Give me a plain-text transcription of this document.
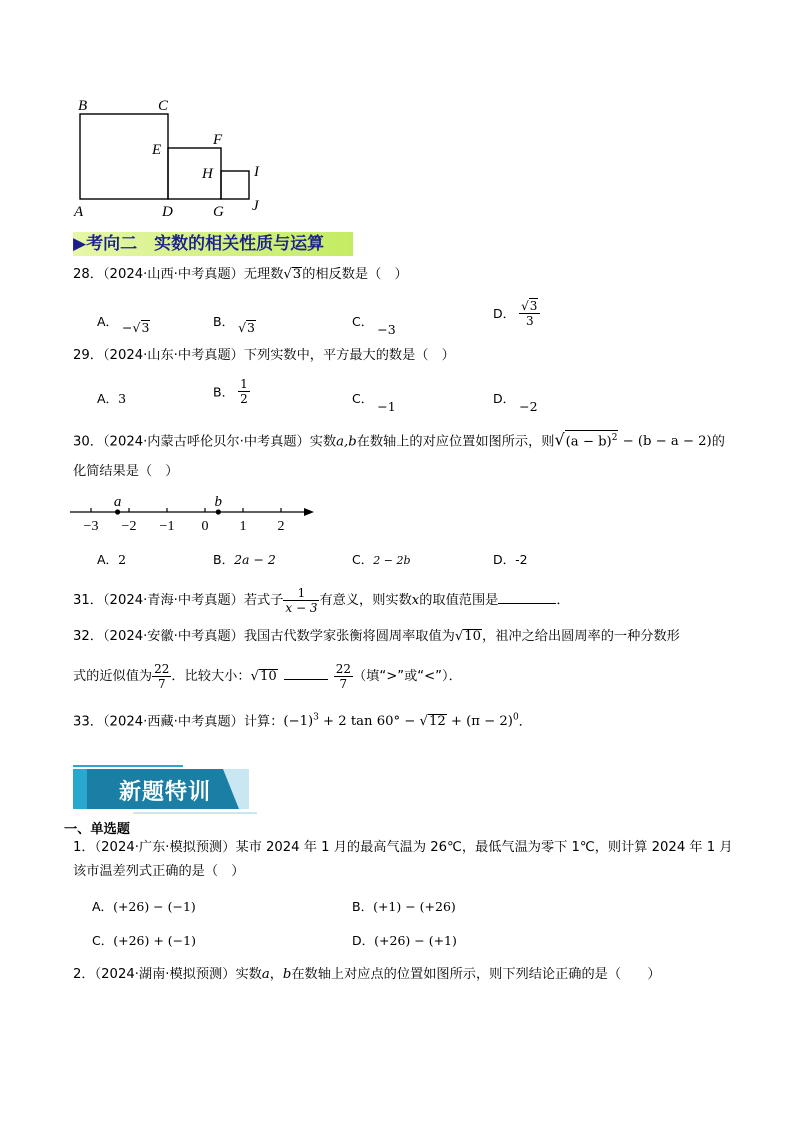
B	C
E
F
H	I
A	D	G J
▶考向二　实数的相关性质与运算
28．（2024·山西·中考真题）无理数√3的相反数是（　）
A． −√3	B． √3	C． −3
D． $\frac{√3}{3}$
29．（2024·山东·中考真题）下列实数中，平方最大的数是（　）
A．3	B． $\frac{1}{2}$	C． −1
D． −2
30．（2024·内蒙古呼伦贝尔·中考真题）实数a,b在数轴上的对应位置如图所示，则$√(a - b)^2 - (b - a - 2)$的
化简结果是（　）
−3 −2 −1 0 1 2
a	b
A．2	B．2a − 2	C．2 − 2b	D．-2
31．（2024·青海·中考真题）若式子 $\frac{1}{x - 3}$ 有意义，则实数x的取值范围是	．
32．（2024·安徽·中考真题）我国古代数学家张衡将圆周率取值为√10，祖冲之给出圆周率的一种分数形
式的近似值为 $\frac{22}{7}$ ．比较大小：√10	$\frac{22}{7}$ （填“>”或“<”）．
33．（2024·西藏·中考真题）计算：$(-1)^3 + 2$ $\tan 60^\circ - √12 + (\pi - 2)^0$．
新题特训
一、单选题
1．（2024·广东·模拟预测）某市 2024 年 1 月的最高气温为 26℃，最低气温为零下 1℃，则计算 2024 年 1 月
该市温差列式正确的是（　）
A．(+26) − (−1)	B．(+1) − (+26)
C．(+26) + (−1)	D．(+26) − (+1)
2．（2024·湖南·模拟预测）实数a，b在数轴上对应点的位置如图所示，则下列结论正确的是（　　）
